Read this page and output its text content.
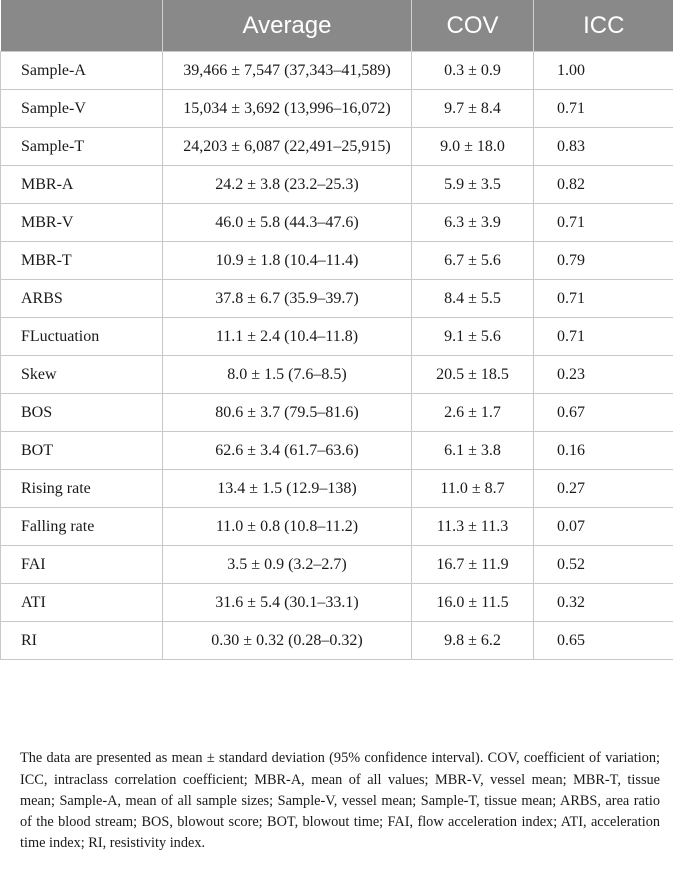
	Average	COV	ICC
Sample-A	39,466 ± 7,547 (37,343–41,589)	0.3 ± 0.9	1.00
Sample-V	15,034 ± 3,692 (13,996–16,072)	9.7 ± 8.4	0.71
Sample-T	24,203 ± 6,087 (22,491–25,915)	9.0 ± 18.0	0.83
MBR-A	24.2 ± 3.8 (23.2–25.3)	5.9 ± 3.5	0.82
MBR-V	46.0 ± 5.8 (44.3–47.6)	6.3 ± 3.9	0.71
MBR-T	10.9 ± 1.8 (10.4–11.4)	6.7 ± 5.6	0.79
ARBS	37.8 ± 6.7 (35.9–39.7)	8.4 ± 5.5	0.71
FLuctuation	11.1 ± 2.4 (10.4–11.8)	9.1 ± 5.6	0.71
Skew	8.0 ± 1.5 (7.6–8.5)	20.5 ± 18.5	0.23
BOS	80.6 ± 3.7 (79.5–81.6)	2.6 ± 1.7	0.67
BOT	62.6 ± 3.4 (61.7–63.6)	6.1 ± 3.8	0.16
Rising rate	13.4 ± 1.5 (12.9–138)	11.0 ± 8.7	0.27
Falling rate	11.0 ± 0.8 (10.8–11.2)	11.3 ± 11.3	0.07
FAI	3.5 ± 0.9 (3.2–2.7)	16.7 ± 11.9	0.52
ATI	31.6 ± 5.4 (30.1–33.1)	16.0 ± 11.5	0.32
RI	0.30 ± 0.32 (0.28–0.32)	9.8 ± 6.2	0.65

The data are presented as mean ± standard deviation (95% confidence interval). COV, coefficient of variation; ICC, intraclass correlation coefficient; MBR-A, mean of all values; MBR-V, vessel mean; MBR-T, tissue mean; Sample-A, mean of all sample sizes; Sample-V, vessel mean; Sample-T, tissue mean; ARBS, area ratio of the blood stream; BOS, blowout score; BOT, blowout time; FAI, flow acceleration index; ATI, acceleration time index; RI, resistivity index.
